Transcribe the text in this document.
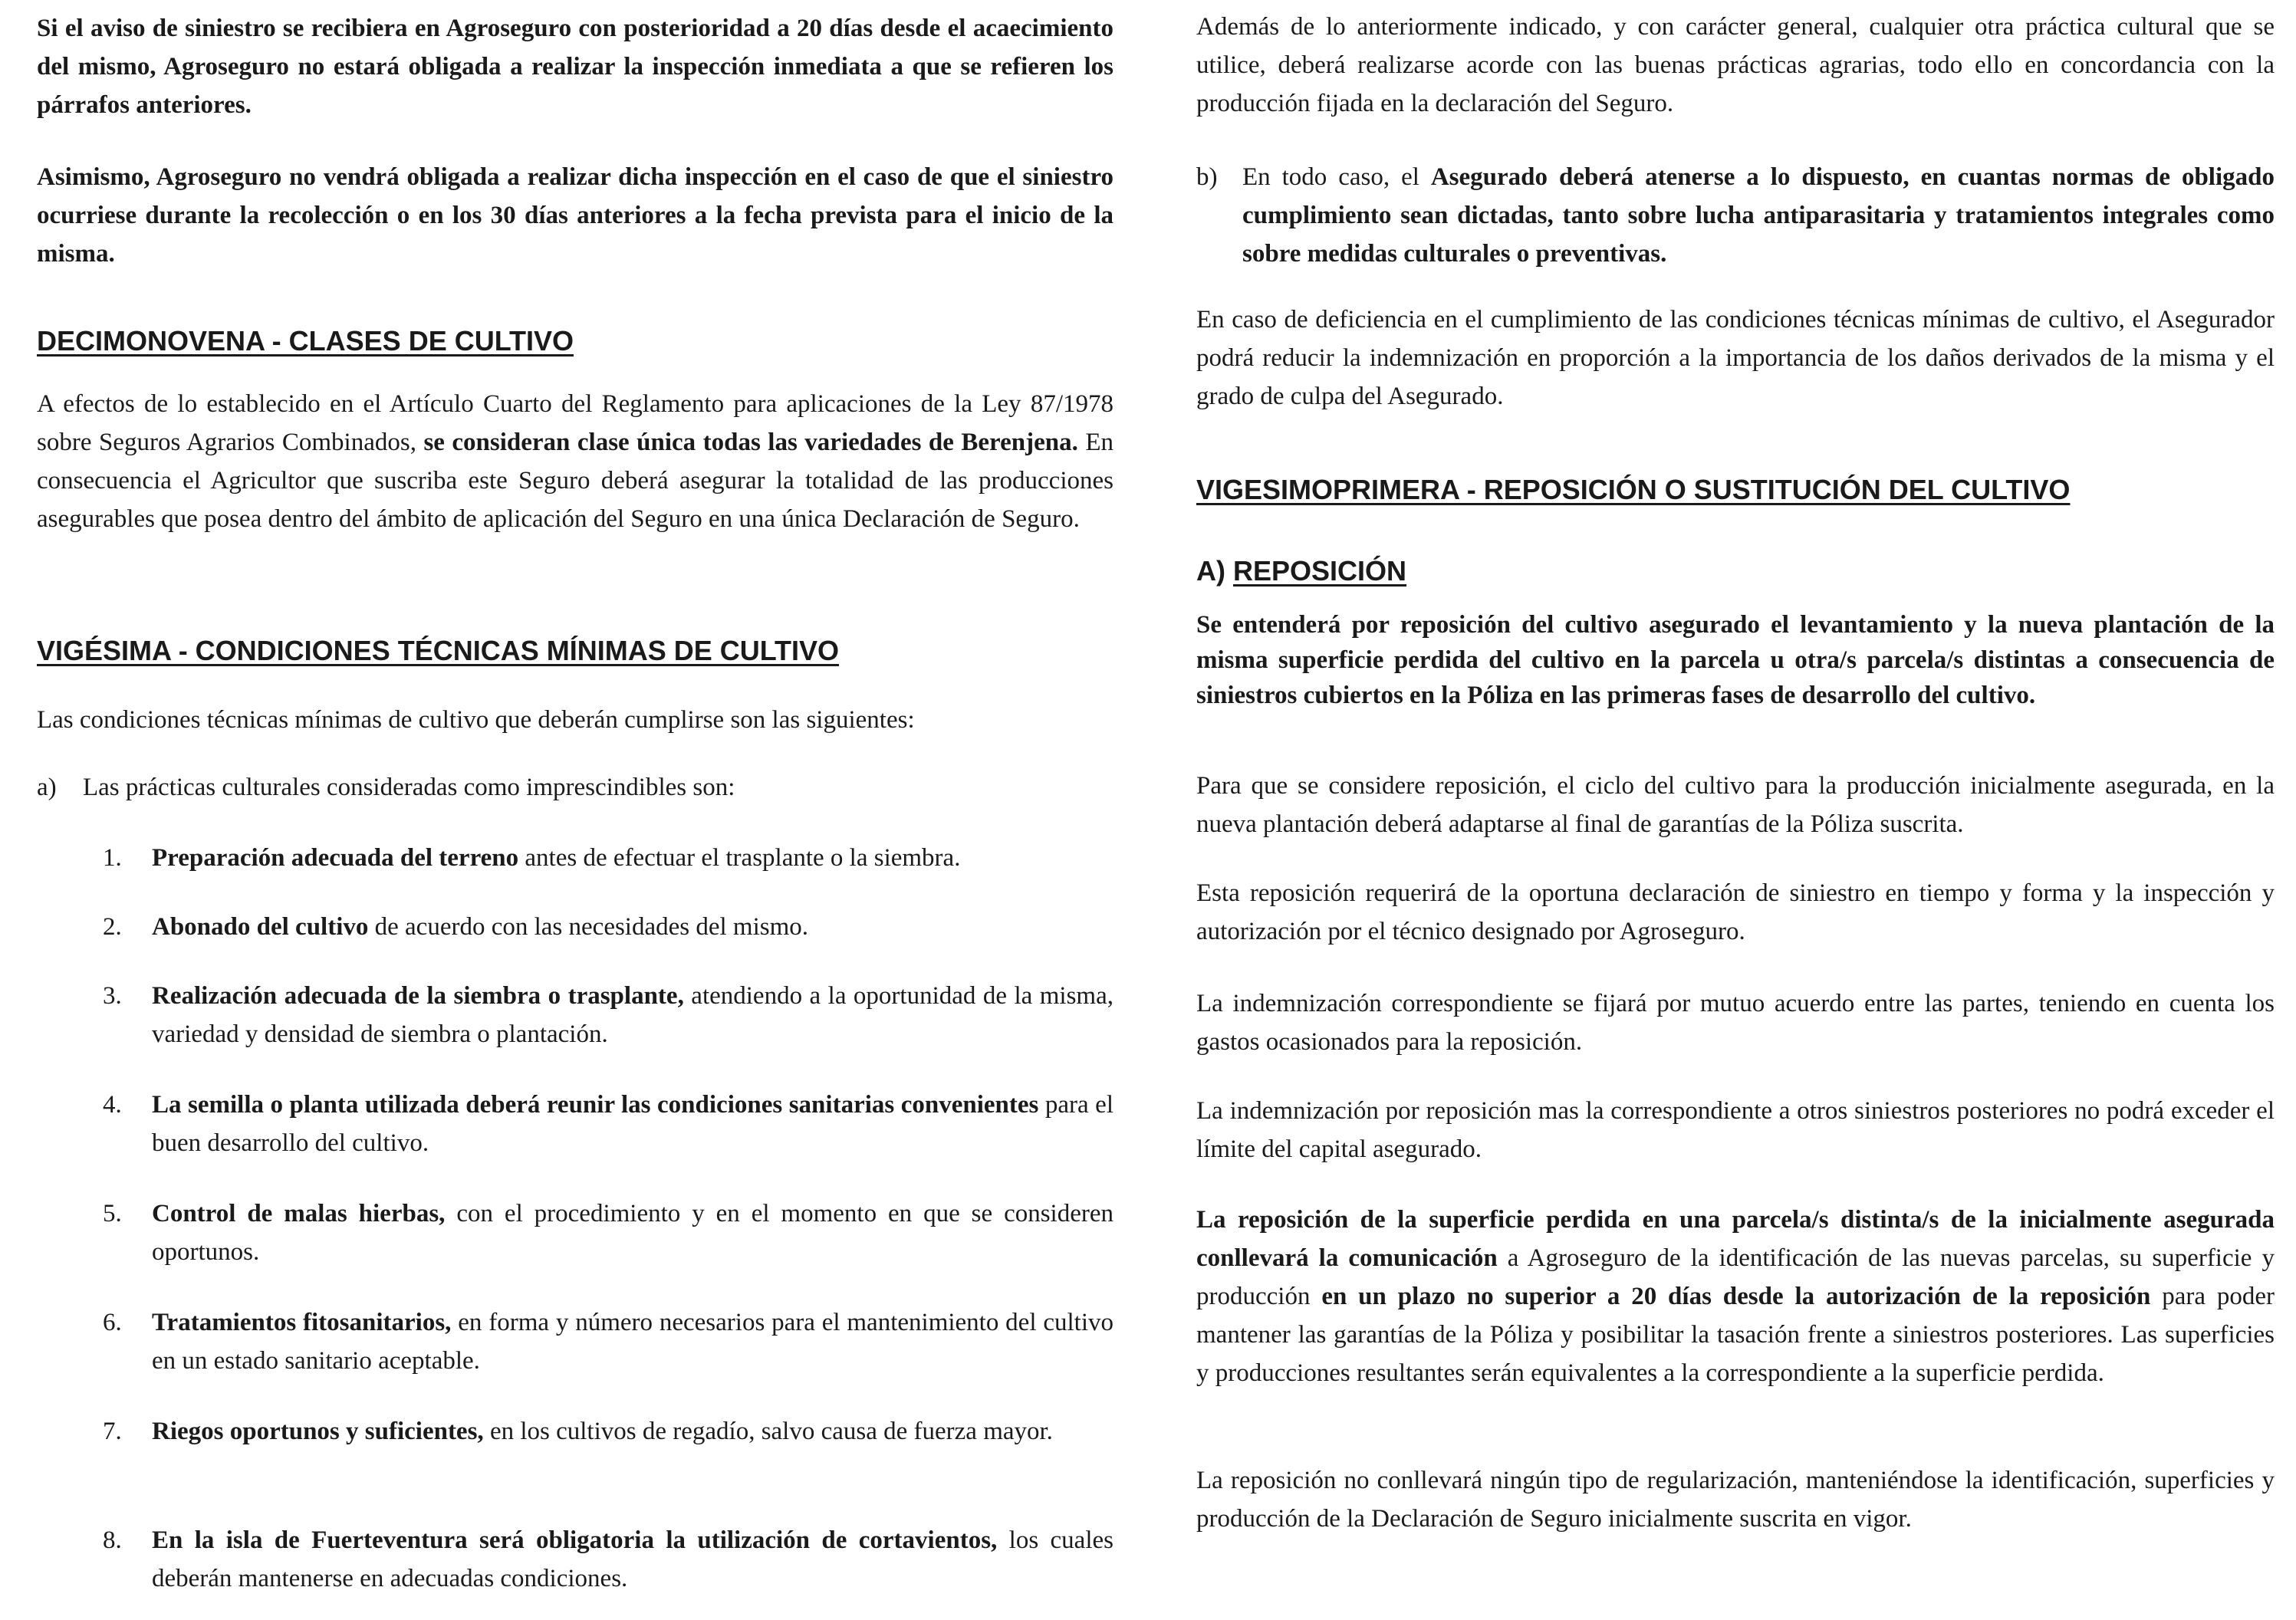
Si el aviso de siniestro se recibiera en Agroseguro con posterioridad a 20 días desde el acaecimiento del mismo, Agroseguro no estará obligada a realizar la inspección inmediata a que se refieren los párrafos anteriores.

Asimismo, Agroseguro no vendrá obligada a realizar dicha inspección en el caso de que el siniestro ocurriese durante la recolección o en los 30 días anteriores a la fecha prevista para el inicio de la misma.

DECIMONOVENA - CLASES DE CULTIVO

A efectos de lo establecido en el Artículo Cuarto del Reglamento para aplicaciones de la Ley 87/1978 sobre Seguros Agrarios Combinados, se consideran clase única todas las variedades de Berenjena. En consecuencia el Agricultor que suscriba este Seguro deberá asegurar la totalidad de las producciones asegurables que posea dentro del ámbito de aplicación del Seguro en una única Declaración de Seguro.

VIGÉSIMA - CONDICIONES TÉCNICAS MÍNIMAS DE CULTIVO

Las condiciones técnicas mínimas de cultivo que deberán cumplirse son las siguientes:

a)	Las prácticas culturales consideradas como imprescindibles son:

1.	Preparación adecuada del terreno antes de efectuar el trasplante o la siembra.

2.	Abonado del cultivo de acuerdo con las necesidades del mismo.

3.	Realización adecuada de la siembra o trasplante, atendiendo a la oportunidad de la misma, variedad y densidad de siembra o plantación.

4.	La semilla o planta utilizada deberá reunir las condiciones sanitarias convenientes para el buen desarrollo del cultivo.

5.	Control de malas hierbas, con el procedimiento y en el momento en que se consideren oportunos.

6.	Tratamientos fitosanitarios, en forma y número necesarios para el mantenimiento del cultivo en un estado sanitario aceptable.

7.	Riegos oportunos y suficientes, en los cultivos de regadío, salvo causa de fuerza mayor.

8.	En la isla de Fuerteventura será obligatoria la utilización de cortavientos, los cuales deberán mantenerse en adecuadas condiciones.

Además de lo anteriormente indicado, y con carácter general, cualquier otra práctica cultural que se utilice, deberá realizarse acorde con las buenas prácticas agrarias, todo ello en concordancia con la producción fijada en la declaración del Seguro.

b) En todo caso, el Asegurado deberá atenerse a lo dispuesto, en cuantas normas de obligado cumplimiento sean dictadas, tanto sobre lucha antiparasitaria y tratamientos integrales como sobre medidas culturales o preventivas.

En caso de deficiencia en el cumplimiento de las condiciones técnicas mínimas de cultivo, el Asegurador podrá reducir la indemnización en proporción a la importancia de los daños derivados de la misma y el grado de culpa del Asegurado.

VIGESIMOPRIMERA - REPOSICIÓN O SUSTITUCIÓN DEL CULTIVO
A) REPOSICIÓN

Se entenderá por reposición del cultivo asegurado el levantamiento y la nueva plantación de la misma superficie perdida del cultivo en la parcela u otra/s parcela/s distintas a consecuencia de siniestros cubiertos en la Póliza en las primeras fases de desarrollo del cultivo.

Para que se considere reposición, el ciclo del cultivo para la producción inicialmente asegurada, en la nueva plantación deberá adaptarse al final de garantías de la Póliza suscrita.

Esta reposición requerirá de la oportuna declaración de siniestro en tiempo y forma y la inspección y autorización por el técnico designado por Agroseguro.

La indemnización correspondiente se fijará por mutuo acuerdo entre las partes, teniendo en cuenta los gastos ocasionados para la reposición.

La indemnización por reposición mas la correspondiente a otros siniestros posteriores no podrá exceder el límite del capital asegurado.

La reposición de la superficie perdida en una parcela/s distinta/s de la inicialmente asegurada conllevará la comunicación a Agroseguro de la identificación de las nuevas parcelas, su superficie y producción en un plazo no superior a 20 días desde la autorización de la reposición para poder mantener las garantías de la Póliza y posibilitar la tasación frente a siniestros posteriores. Las superficies y producciones resultantes serán equivalentes a la correspondiente a la superficie perdida.

La reposición no conllevará ningún tipo de regularización, manteniéndose la identificación, superficies y producción de la Declaración de Seguro inicialmente suscrita en vigor.
